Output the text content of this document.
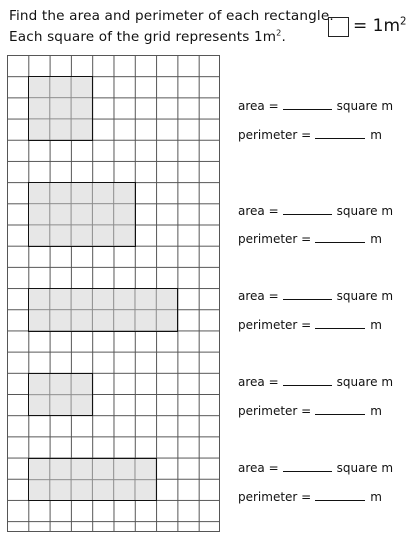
Find the area and perimeter of each rectangle.
Each square of the grid represents $1m^2$.
= $1m^2$
area =	square m
perimeter =	m
area =	square m
perimeter =	m
area =	square m
perimeter =	m
area =	square m
perimeter =	m
area =	square m
perimeter =	m
